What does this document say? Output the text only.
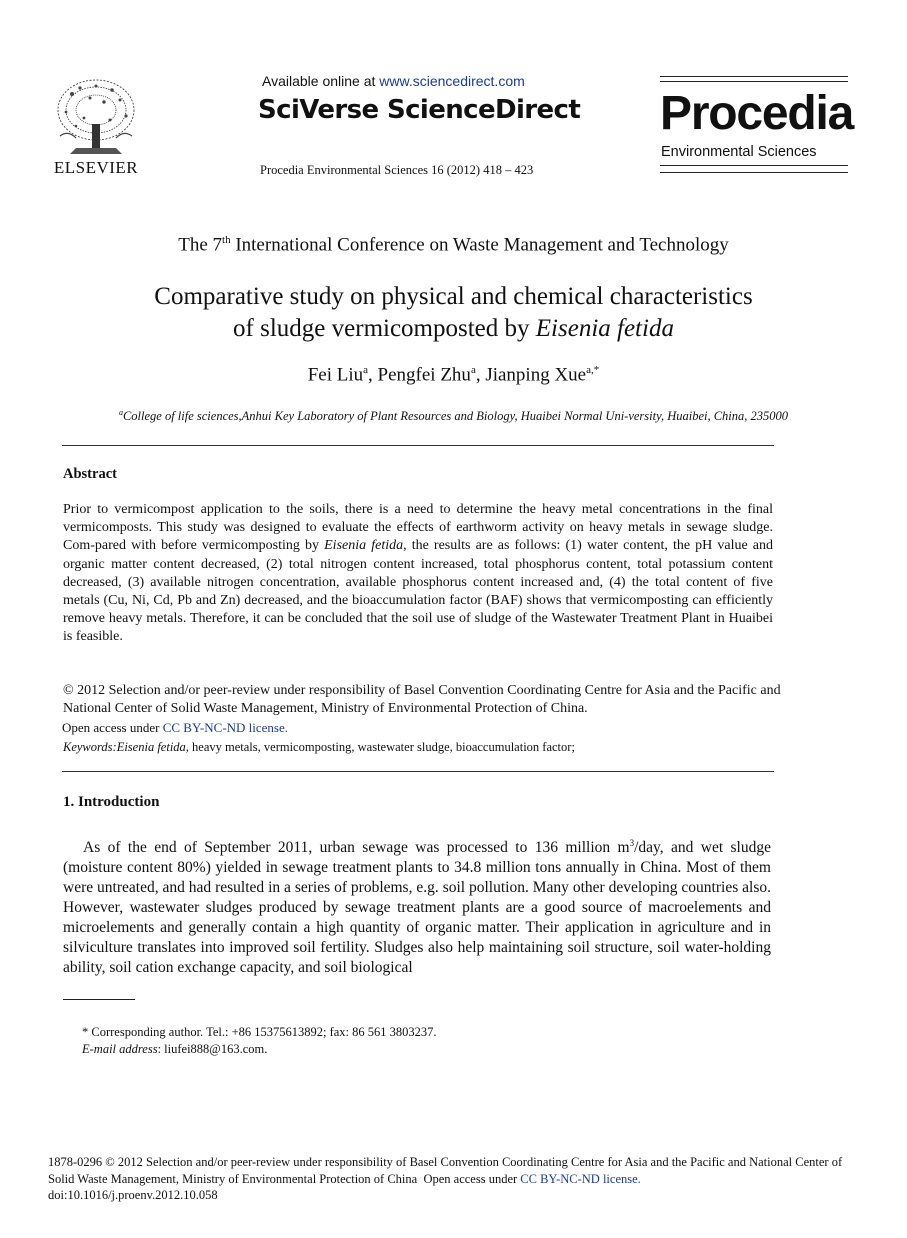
ELSEVIER
Available online at www.sciencedirect.com
SciVerse ScienceDirect
Procedia Environmental Sciences 16 (2012) 418 – 423
Procedia
Environmental Sciences
The 7th International Conference on Waste Management and Technology
Comparative study on physical and chemical characteristics
of sludge vermicomposted by Eisenia fetida
Fei Liu$^a$, Pengfei Zhu$^a$, Jianping Xue$^{a,*}$
$^a$College of life sciences,Anhui Key Laboratory of Plant Resources and Biology, Huaibei Normal Uni-versity, Huaibei, China, 235000
Abstract
Prior to vermicompost application to the soils, there is a need to determine the heavy metal concentrations in the final vermicomposts. This study was designed to evaluate the effects of earthworm activity on heavy metals in sewage sludge. Com-pared with before vermicomposting by Eisenia fetida, the results are as follows: (1) water content, the pH value and organic matter content decreased, (2) total nitrogen content increased, total phosphorus content, total potassium content decreased, (3) available nitrogen concentration, available phosphorus content increased and, (4) the total content of five metals (Cu, Ni, Cd, Pb and Zn) decreased, and the bioaccumulation factor (BAF) shows that vermicomposting can efficiently remove heavy metals. Therefore, it can be concluded that the soil use of sludge of the Wastewater Treatment Plant in Huaibei is feasible.
© 2012 Selection and/or peer-review under responsibility of Basel Convention Coordinating Centre for Asia and the Pacific and National Center of Solid Waste Management, Ministry of Environmental Protection of China.
Open access under CC BY-NC-ND license.
Keywords:Eisenia fetida, heavy metals, vermicomposting, wastewater sludge, bioaccumulation factor;
1. Introduction
As of the end of September 2011, urban sewage was processed to 136 million $m^3$/day, and wet sludge (moisture content 80%) yielded in sewage treatment plants to 34.8 million tons annually in China. Most of them were untreated, and had resulted in a series of problems, e.g. soil pollution. Many other developing countries also. However, wastewater sludges produced by sewage treatment plants are a good source of macroelements and microelements and generally contain a high quantity of organic matter. Their application in agriculture and in silviculture translates into improved soil fertility. Sludges also help maintaining soil structure, soil water-holding ability, soil cation exchange capacity, and soil biological
* Corresponding author. Tel.: +86 15375613892; fax: 86 561 3803237.
E-mail address: liufei888@163.com.
1878-0296 © 2012 Selection and/or peer-review under responsibility of Basel Convention Coordinating Centre for Asia and the Pacific and National Center of Solid Waste Management, Ministry of Environmental Protection of China  Open access under CC BY-NC-ND license.
doi:10.1016/j.proenv.2012.10.058
